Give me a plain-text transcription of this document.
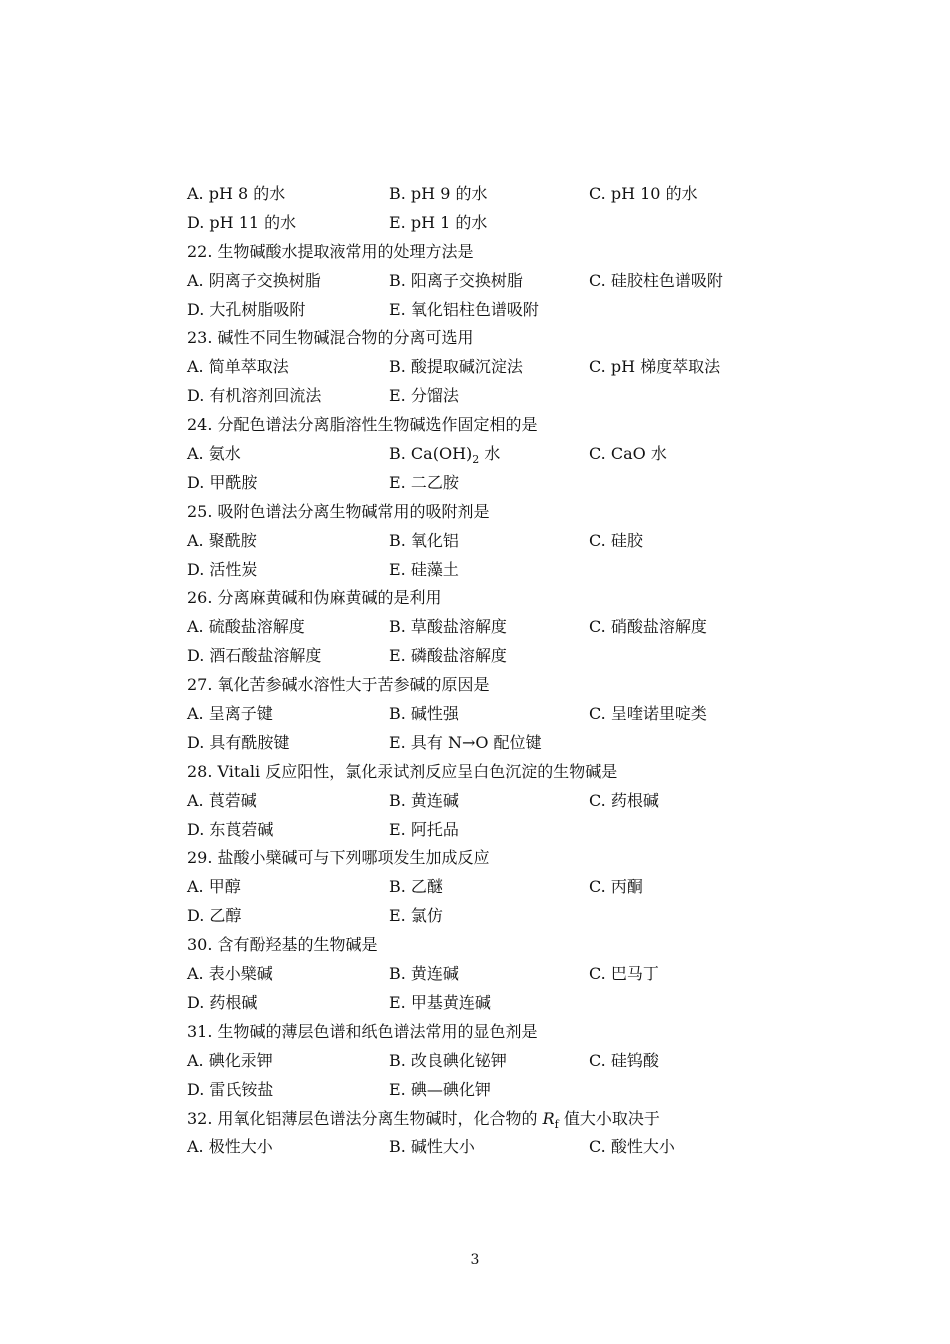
A. pH 8 的水	B. pH 9 的水	C. pH 10 的水
D. pH 11 的水	E. pH 1 的水
22. 生物碱酸水提取液常用的处理方法是
A. 阴离子交换树脂	B. 阳离子交换树脂	C. 硅胶柱色谱吸附
D. 大孔树脂吸附	E. 氧化铝柱色谱吸附
23. 碱性不同生物碱混合物的分离可选用
A. 简单萃取法	B. 酸提取碱沉淀法	C. pH 梯度萃取法
D. 有机溶剂回流法	E. 分馏法
24. 分配色谱法分离脂溶性生物碱选作固定相的是
A. 氨水	B. $Ca(OH)_2$ 水	C. CaO 水
D. 甲酰胺	E. 二乙胺
25. 吸附色谱法分离生物碱常用的吸附剂是
A. 聚酰胺	B. 氧化铝	C. 硅胶
D. 活性炭	E. 硅藻土
26. 分离麻黄碱和伪麻黄碱的是利用
A. 硫酸盐溶解度	B. 草酸盐溶解度	C. 硝酸盐溶解度
D. 酒石酸盐溶解度	E. 磷酸盐溶解度
27. 氧化苦参碱水溶性大于苦参碱的原因是
A. 呈离子键	B. 碱性强	C. 呈喹诺里啶类
D. 具有酰胺键	E. 具有 N→O 配位键
28. Vitali 反应阳性，氯化汞试剂反应呈白色沉淀的生物碱是
A. 莨菪碱	B. 黄连碱	C. 药根碱
D. 东莨菪碱	E. 阿托品
29. 盐酸小檗碱可与下列哪项发生加成反应
A. 甲醇	B. 乙醚	C. 丙酮
D. 乙醇	E. 氯仿
30. 含有酚羟基的生物碱是
A. 表小檗碱	B. 黄连碱	C. 巴马丁
D. 药根碱	E. 甲基黄连碱
31. 生物碱的薄层色谱和纸色谱法常用的显色剂是
A. 碘化汞钾	B. 改良碘化铋钾	C. 硅钨酸
D. 雷氏铵盐	E. 碘—碘化钾
32. 用氧化铝薄层色谱法分离生物碱时，化合物的 $R_f$ 值大小取决于
A. 极性大小	B. 碱性大小	C. 酸性大小
3
